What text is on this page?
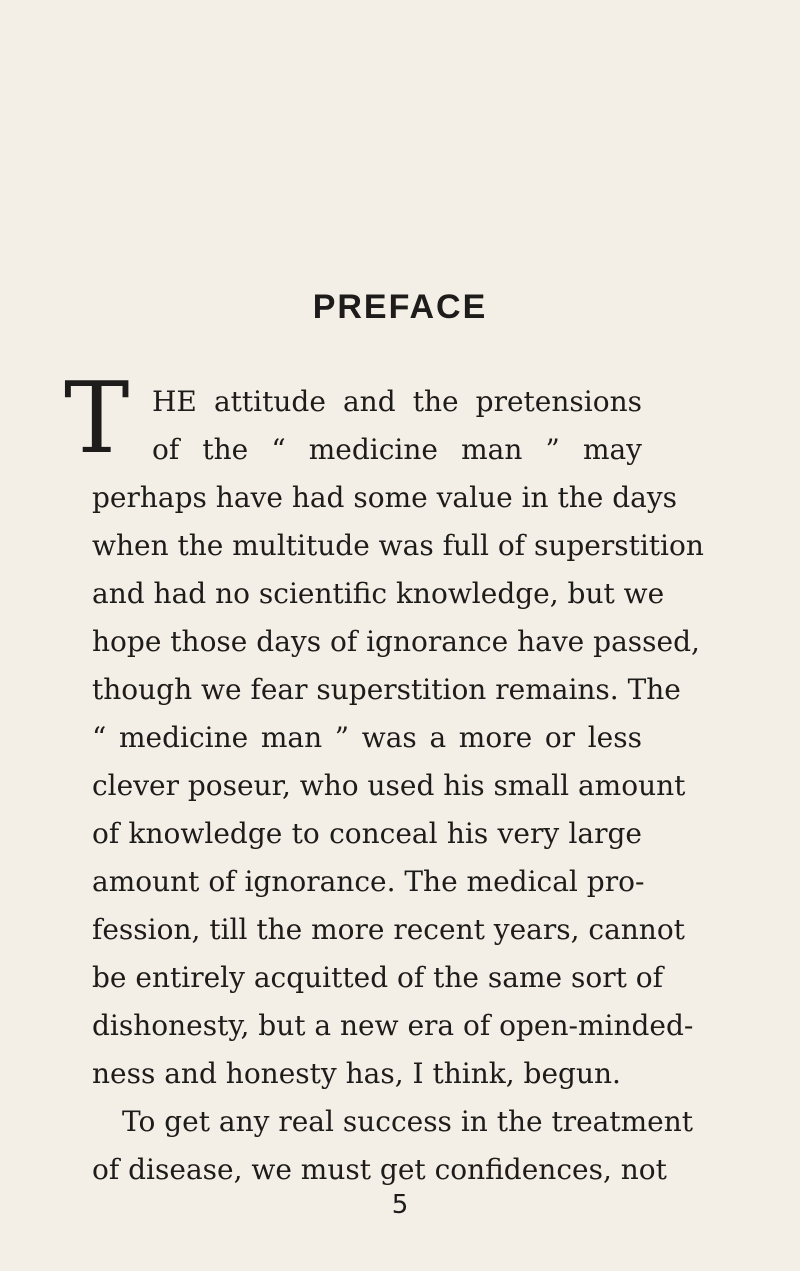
PREFACE
T HE attitude and the pretensions
of the “ medicine man ” may
perhaps have had some value in the days
when the multitude was full of superstition
and had no scientific knowledge, but we
hope those days of ignorance have passed,
though we fear superstition remains. The
“ medicine man ” was a more or less
clever poseur, who used his small amount
of knowledge to conceal his very large
amount of ignorance. The medical pro-
fession, till the more recent years, cannot
be entirely acquitted of the same sort of
dishonesty, but a new era of open-minded-
ness and honesty has, I think, begun.
To get any real success in the treatment
of disease, we must get confidences, not
5
